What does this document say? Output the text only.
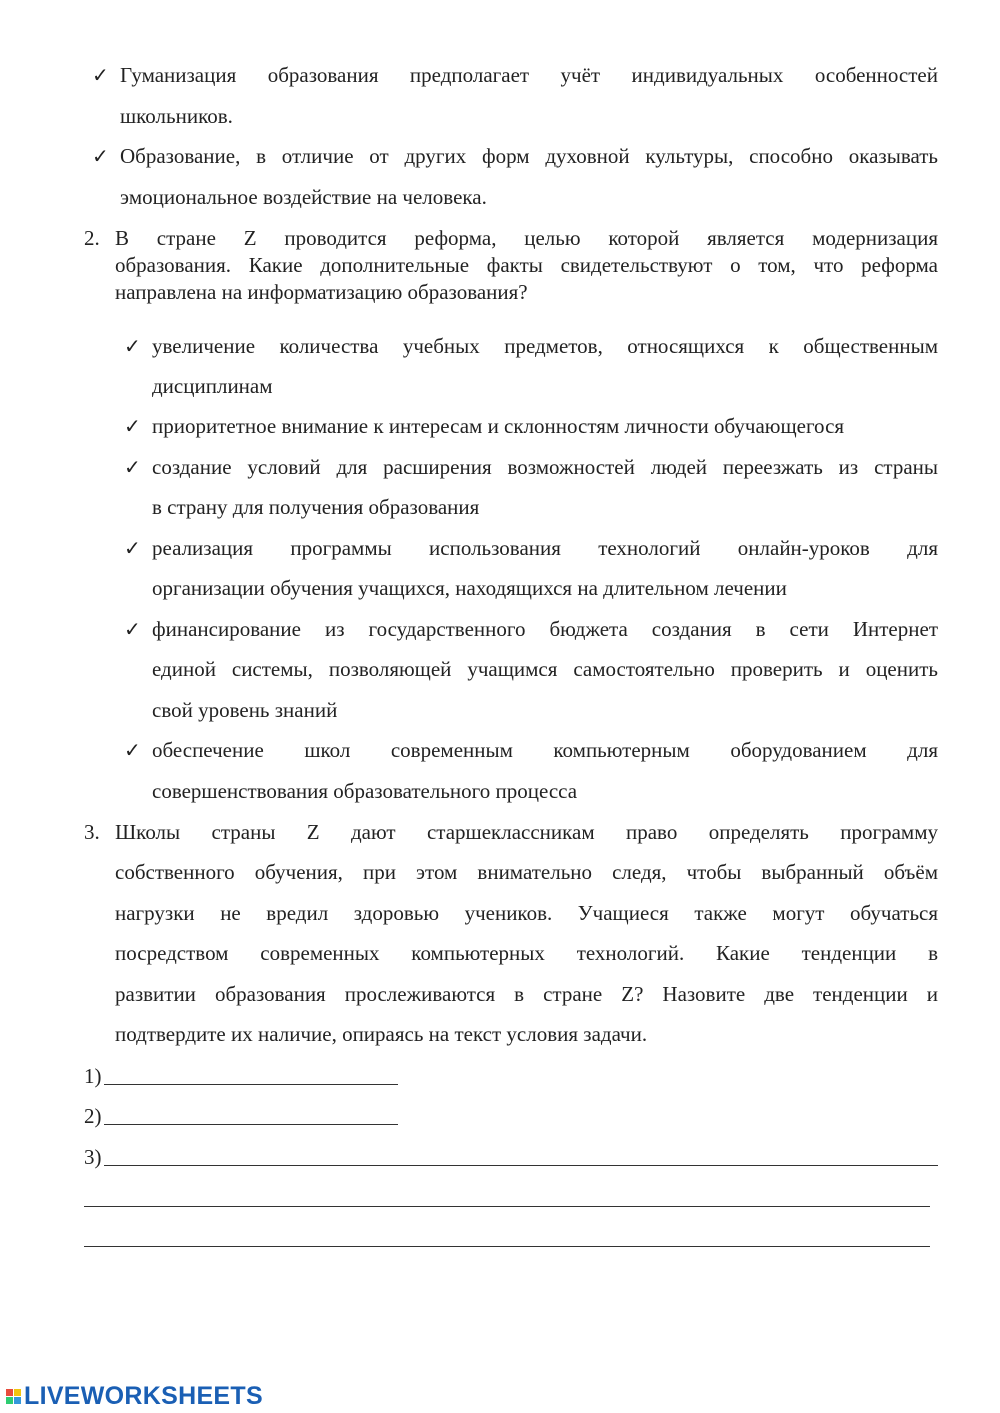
✓ Гуманизация образования предполагает учёт индивидуальных особенностей
школьников.
✓ Образование, в отличие от других форм духовной культуры, способно оказывать
эмоциональное воздействие на человека.
2. В стране Z проводится реформа, целью которой является модернизация
образования. Какие дополнительные факты свидетельствуют о том, что реформа
направлена на информатизацию образования?
✓ увеличение количества учебных предметов, относящихся к общественным
дисциплинам
✓ приоритетное внимание к интересам и склонностям личности обучающегося
✓ создание условий для расширения возможностей людей переезжать из страны
в страну для получения образования
✓ реализация программы использования технологий онлайн-уроков для
организации обучения учащихся, находящихся на длительном лечении
✓ финансирование из государственного бюджета создания в сети Интернет
единой системы, позволяющей учащимся самостоятельно проверить и оценить
свой уровень знаний
✓ обеспечение школ современным компьютерным оборудованием для
совершенствования образовательного процесса
3. Школы страны Z дают старшеклассникам право определять программу
собственного обучения, при этом внимательно следя, чтобы выбранный объём
нагрузки не вредил здоровью учеников. Учащиеся также могут обучаться
посредством современных компьютерных технологий. Какие тенденции в
развитии образования прослеживаются в стране Z? Назовите две тенденции и
подтвердите их наличие, опираясь на текст условия задачи.
1)
2)
3)
LIVEWORKSHEETS
